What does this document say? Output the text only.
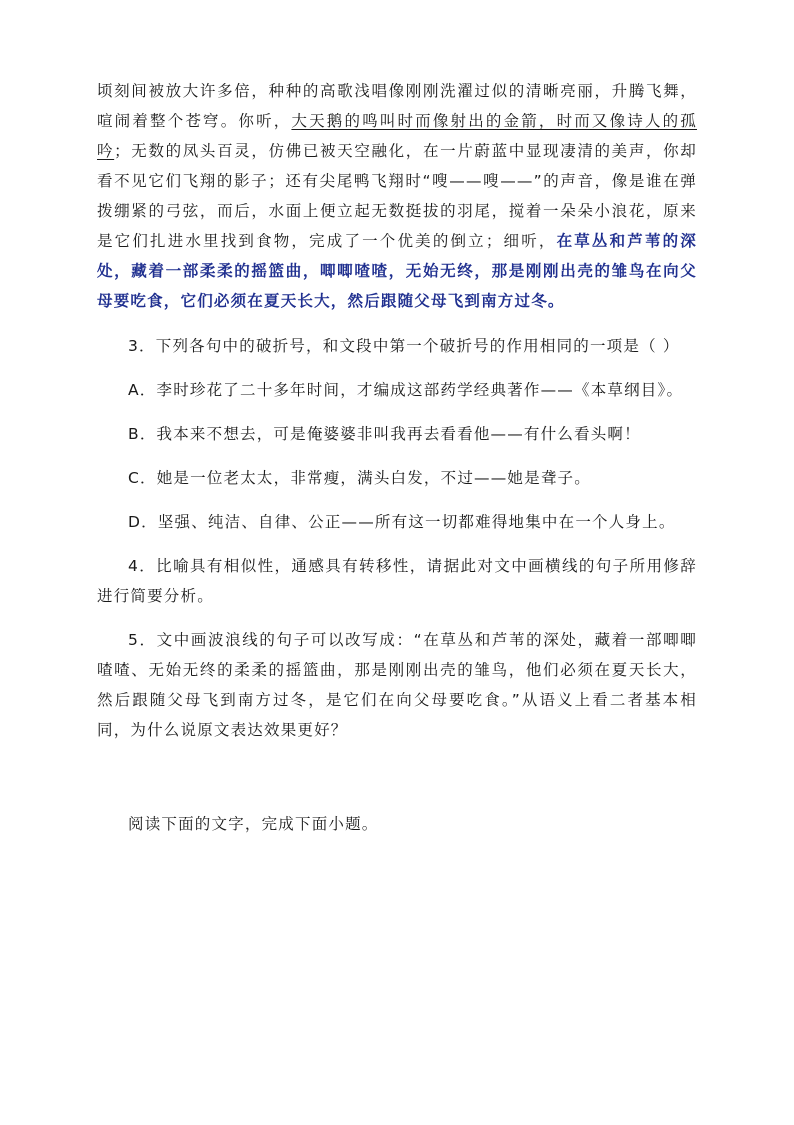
顷刻间被放大许多倍，种种的高歌浅唱像刚刚洗濯过似的清晰亮丽，升腾飞舞，喧闹着整个苍穹。你听，大天鹅的鸣叫时而像射出的金箭，时而又像诗人的孤吟；无数的凤头百灵，仿佛已被天空融化，在一片蔚蓝中显现凄清的美声，你却看不见它们飞翔的影子；还有尖尾鸭飞翔时“嗖——嗖——”的声音，像是谁在弹拨绷紧的弓弦，而后，水面上便立起无数挺拔的羽尾，搅着一朵朵小浪花，原来是它们扎进水里找到食物，完成了一个优美的倒立；细听，在草丛和芦苇的深处，藏着一部柔柔的摇篮曲，唧唧喳喳，无始无终，那是刚刚出壳的雏鸟在向父母要吃食，它们必须在夏天长大，然后跟随父母飞到南方过冬。

3．下列各句中的破折号，和文段中第一个破折号的作用相同的一项是（ ）

A．李时珍花了二十多年时间，才编成这部药学经典著作——《本草纲目》。

B．我本来不想去，可是俺婆婆非叫我再去看看他——有什么看头啊！

C．她是一位老太太，非常瘦，满头白发，不过——她是聋子。

D．坚强、纯洁、自律、公正——所有这一切都难得地集中在一个人身上。

4．比喻具有相似性，通感具有转移性，请据此对文中画横线的句子所用修辞进行简要分析。

5．文中画波浪线的句子可以改写成：“在草丛和芦苇的深处，藏着一部唧唧喳喳、无始无终的柔柔的摇篮曲，那是刚刚出壳的雏鸟，他们必须在夏天长大，然后跟随父母飞到南方过冬，是它们在向父母要吃食。”从语义上看二者基本相同，为什么说原文表达效果更好？

阅读下面的文字，完成下面小题。
